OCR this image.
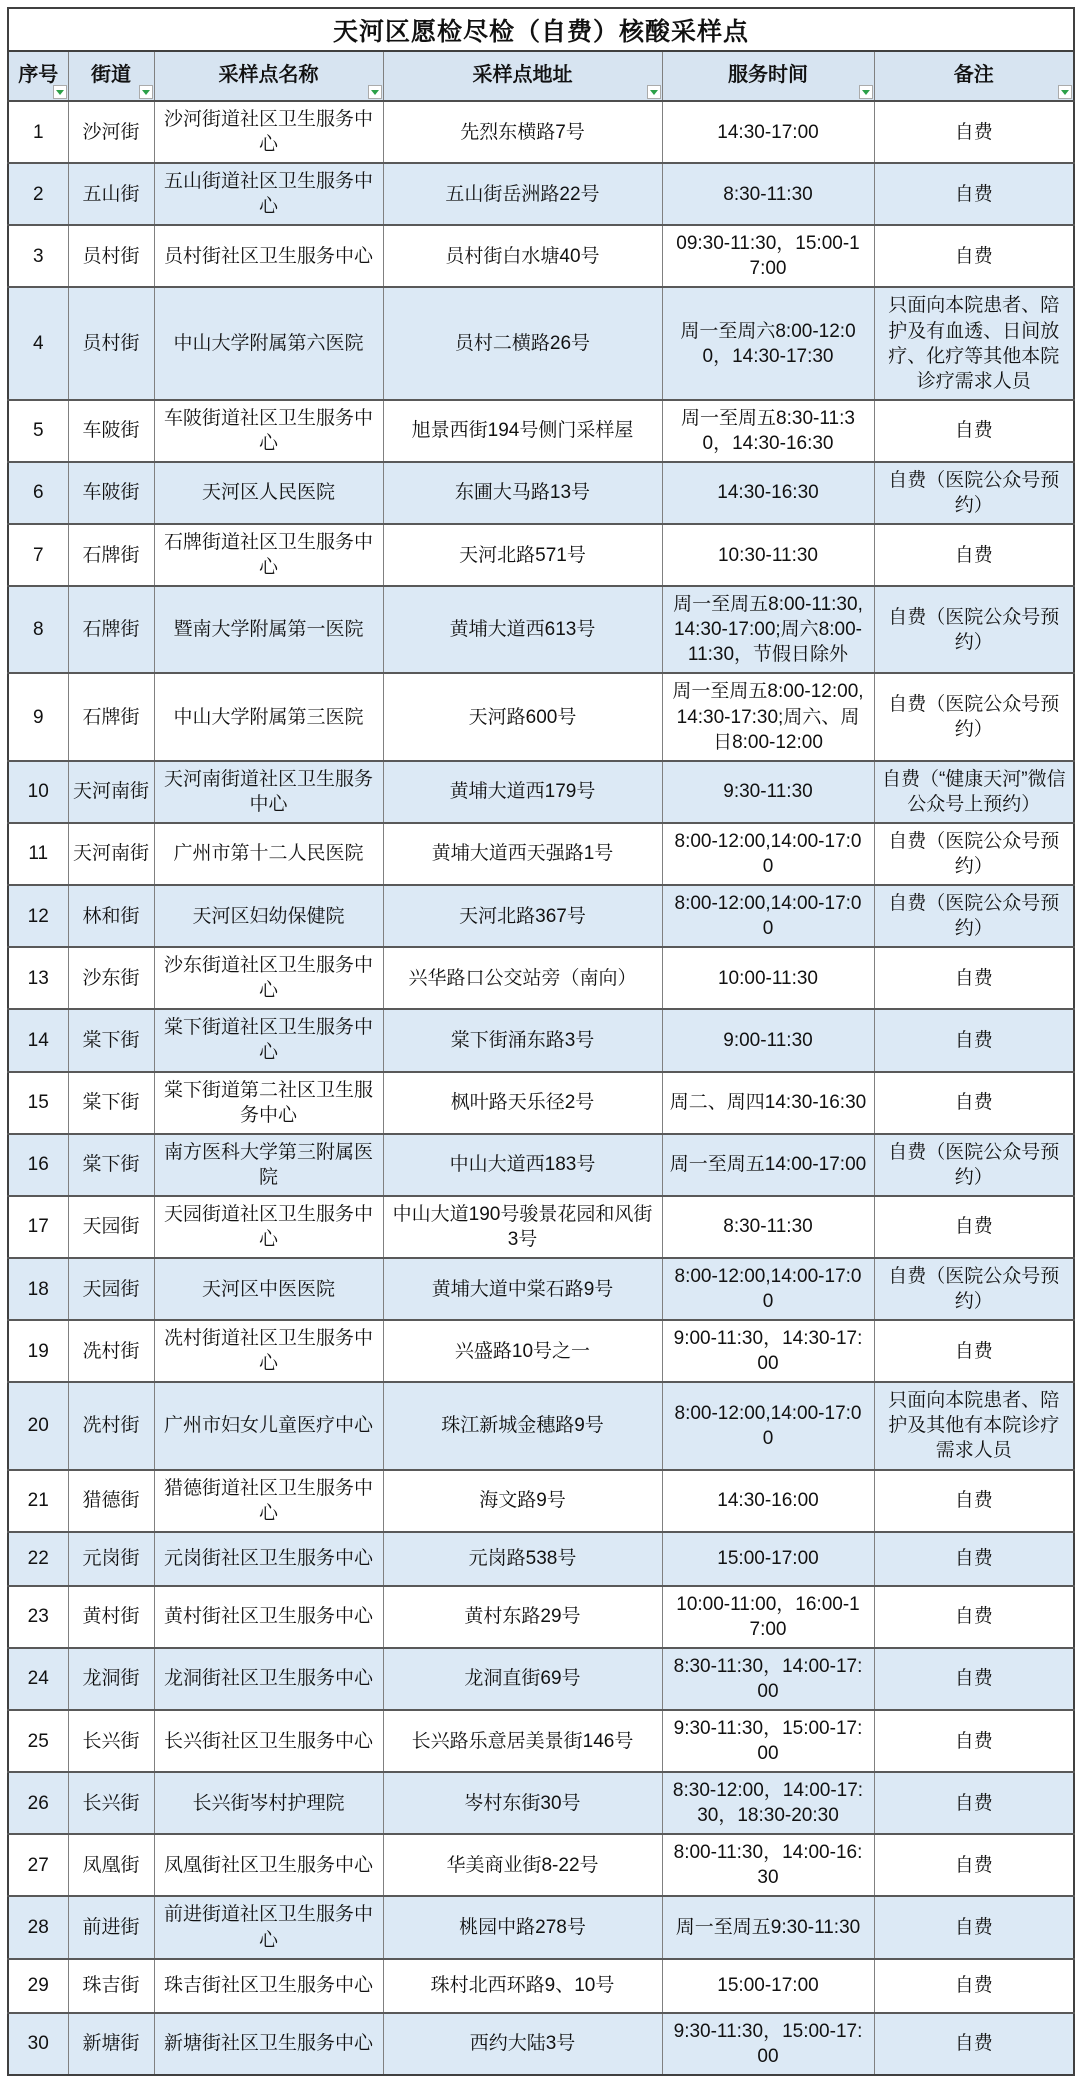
天河区愿检尽检（自费）核酸采样点					
序号	街道	采样点名称	采样点地址	服务时间	备注

1	沙河街	沙河街道社区卫生服务中心	先烈东横路7号	14:30-17:00	自费
2	五山街	五山街道社区卫生服务中心	五山街岳洲路22号	8:30-11:30	自费
3	员村街	员村街社区卫生服务中心	员村街白水塘40号	09:30-11:30，15:00-17:00	自费
4	员村街	中山大学附属第六医院	员村二横路26号	周一至周六8:00-12:00，14:30-17:30	只面向本院患者、陪护及有血透、日间放疗、化疗等其他本院诊疗需求人员
5	车陂街	车陂街道社区卫生服务中心	旭景西街194号侧门采样屋	周一至周五8:30-11:30，14:30-16:30	自费
6	车陂街	天河区人民医院	东圃大马路13号	14:30-16:30	自费（医院公众号预约）
7	石牌街	石牌街道社区卫生服务中心	天河北路571号	10:30-11:30	自费
8	石牌街	暨南大学附属第一医院	黄埔大道西613号	周一至周五8:00-11:30,14:30-17:00;周六8:00-11:30，节假日除外	自费（医院公众号预约）
9	石牌街	中山大学附属第三医院	天河路600号	周一至周五8:00-12:00,14:30-17:30;周六、周日8:00-12:00	自费（医院公众号预约）
10	天河南街	天河南街道社区卫生服务中心	黄埔大道西179号	9:30-11:30	自费（“健康天河”微信公众号上预约）
11	天河南街	广州市第十二人民医院	黄埔大道西天强路1号	8:00-12:00,14:00-17:00	自费（医院公众号预约）
12	林和街	天河区妇幼保健院	天河北路367号	8:00-12:00,14:00-17:00	自费（医院公众号预约）
13	沙东街	沙东街道社区卫生服务中心	兴华路口公交站旁（南向）	10:00-11:30	自费
14	棠下街	棠下街道社区卫生服务中心	棠下街涌东路3号	9:00-11:30	自费
15	棠下街	棠下街道第二社区卫生服务中心	枫叶路天乐径2号	周二、周四14:30-16:30	自费
16	棠下街	南方医科大学第三附属医院	中山大道西183号	周一至周五14:00-17:00	自费（医院公众号预约）
17	天园街	天园街道社区卫生服务中心	中山大道190号骏景花园和风街3号	8:30-11:30	自费
18	天园街	天河区中医医院	黄埔大道中棠石路9号	8:00-12:00,14:00-17:00	自费（医院公众号预约）
19	冼村街	冼村街道社区卫生服务中心	兴盛路10号之一	9:00-11:30，14:30-17:00	自费
20	冼村街	广州市妇女儿童医疗中心	珠江新城金穗路9号	8:00-12:00,14:00-17:00	只面向本院患者、陪护及其他有本院诊疗需求人员
21	猎德街	猎德街道社区卫生服务中心	海文路9号	14:30-16:00	自费
22	元岗街	元岗街社区卫生服务中心	元岗路538号	15:00-17:00	自费
23	黄村街	黄村街社区卫生服务中心	黄村东路29号	10:00-11:00，16:00-17:00	自费
24	龙洞街	龙洞街社区卫生服务中心	龙洞直街69号	8:30-11:30，14:00-17:00	自费
25	长兴街	长兴街社区卫生服务中心	长兴路乐意居美景街146号	9:30-11:30，15:00-17:00	自费
26	长兴街	长兴街岑村护理院	岑村东街30号	8:30-12:00，14:00-17:30，18:30-20:30	自费
27	凤凰街	凤凰街社区卫生服务中心	华美商业街8-22号	8:00-11:30，14:00-16:30	自费
28	前进街	前进街道社区卫生服务中心	桃园中路278号	周一至周五9:30-11:30	自费
29	珠吉街	珠吉街社区卫生服务中心	珠村北西环路9、10号	15:00-17:00	自费
30	新塘街	新塘街社区卫生服务中心	西约大陆3号	9:30-11:30，15:00-17:00	自费
